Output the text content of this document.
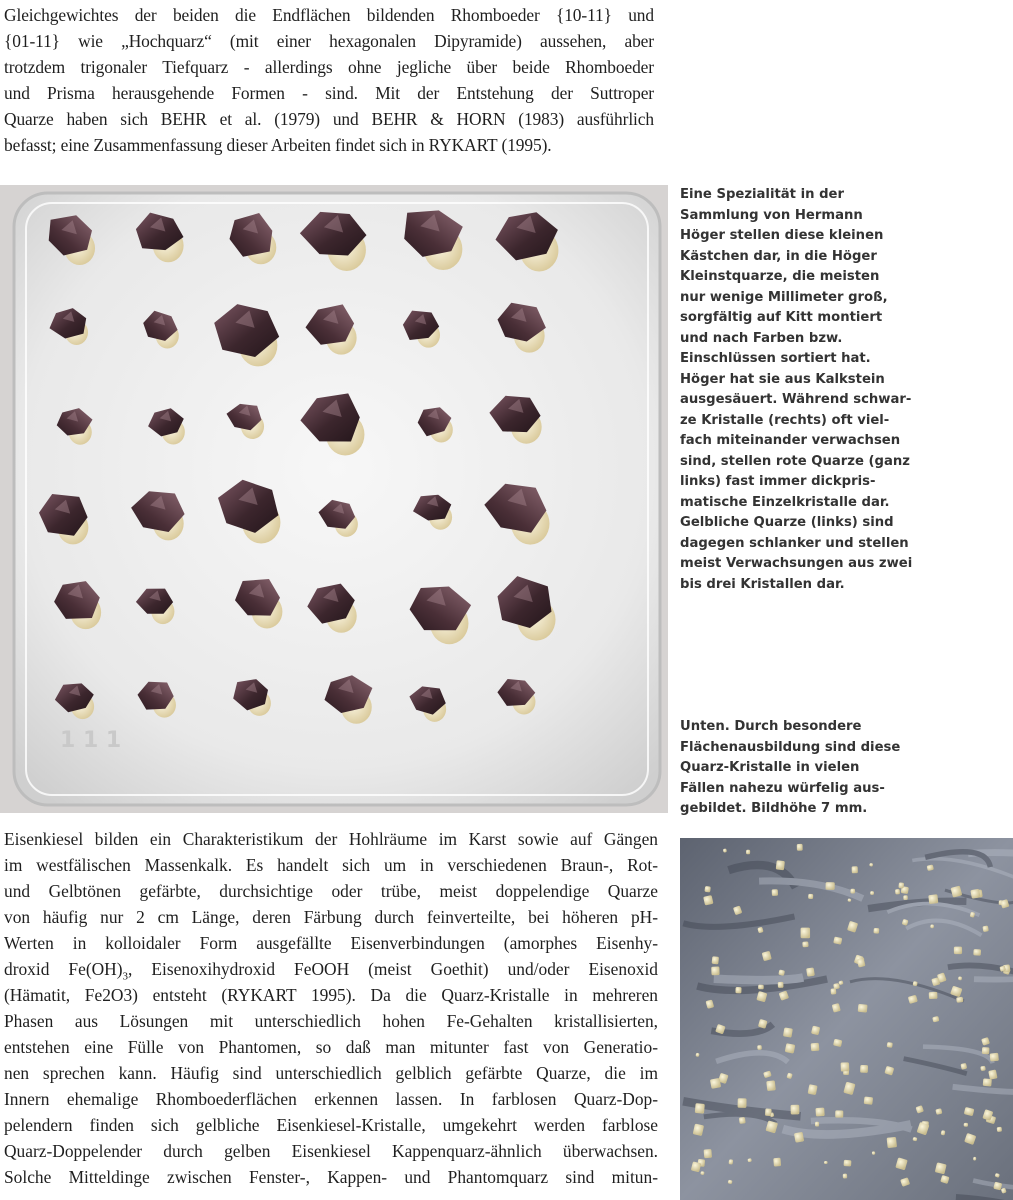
Gleichgewichtes der beiden die Endflächen bildenden Rhomboeder {10-11} und
{01-11} wie „Hochquarz“ (mit einer hexagonalen Dipyramide) aussehen, aber
trotzdem trigonaler Tiefquarz - allerdings ohne jegliche über beide Rhomboeder
und Prisma herausgehende Formen - sind. Mit der Entstehung der Suttroper
Quarze haben sich BEHR et al. (1979) und BEHR & HORN (1983) ausführlich
befasst; eine Zusammenfassung dieser Arbeiten findet sich in RYKART (1995).
1 1 1
Eine Spezialität in der
Sammlung von Hermann
Höger stellen diese kleinen
Kästchen dar, in die Höger
Kleinstquarze, die meisten
nur wenige Millimeter groß,
sorgfältig auf Kitt montiert
und nach Farben bzw.
Einschlüssen sortiert hat.
Höger hat sie aus Kalkstein
ausgesäuert. Während schwar-
ze Kristalle (rechts) oft viel-
fach miteinander verwachsen
sind, stellen rote Quarze (ganz
links) fast immer dickpris-
matische Einzelkristalle dar.
Gelbliche Quarze (links) sind
dagegen schlanker und stellen
meist Verwachsungen aus zwei
bis drei Kristallen dar.
Unten. Durch besondere
Flächenausbildung sind diese
Quarz-Kristalle in vielen
Fällen nahezu würfelig aus-
gebildet. Bildhöhe 7 mm.
Eisenkiesel bilden ein Charakteristikum der Hohlräume im Karst sowie auf Gängen
im westfälischen Massenkalk. Es handelt sich um in verschiedenen Braun-, Rot-
und Gelbtönen gefärbte, durchsichtige oder trübe, meist doppelendige Quarze
von häufig nur 2 cm Länge, deren Färbung durch feinverteilte, bei höheren pH-
Werten in kolloidaler Form ausgefällte Eisenverbindungen (amorphes Eisenhy-
droxid $Fe(OH)_3$, Eisenoxihydroxid FeOOH (meist Goethit) und/oder Eisenoxid
(Hämatit, Fe2O3) entsteht (RYKART 1995). Da die Quarz-Kristalle in mehreren
Phasen aus Lösungen mit unterschiedlich hohen Fe-Gehalten kristallisierten,
entstehen eine Fülle von Phantomen, so daß man mitunter fast von Generatio-
nen sprechen kann. Häufig sind unterschiedlich gelblich gefärbte Quarze, die im
Innern ehemalige Rhomboederflächen erkennen lassen. In farblosen Quarz-Dop-
pelendern finden sich gelbliche Eisenkiesel-Kristalle, umgekehrt werden farblose
Quarz-Doppelender durch gelben Eisenkiesel Kappenquarz-ähnlich überwachsen.
Solche Mitteldinge zwischen Fenster-, Kappen- und Phantomquarz sind mitun-
